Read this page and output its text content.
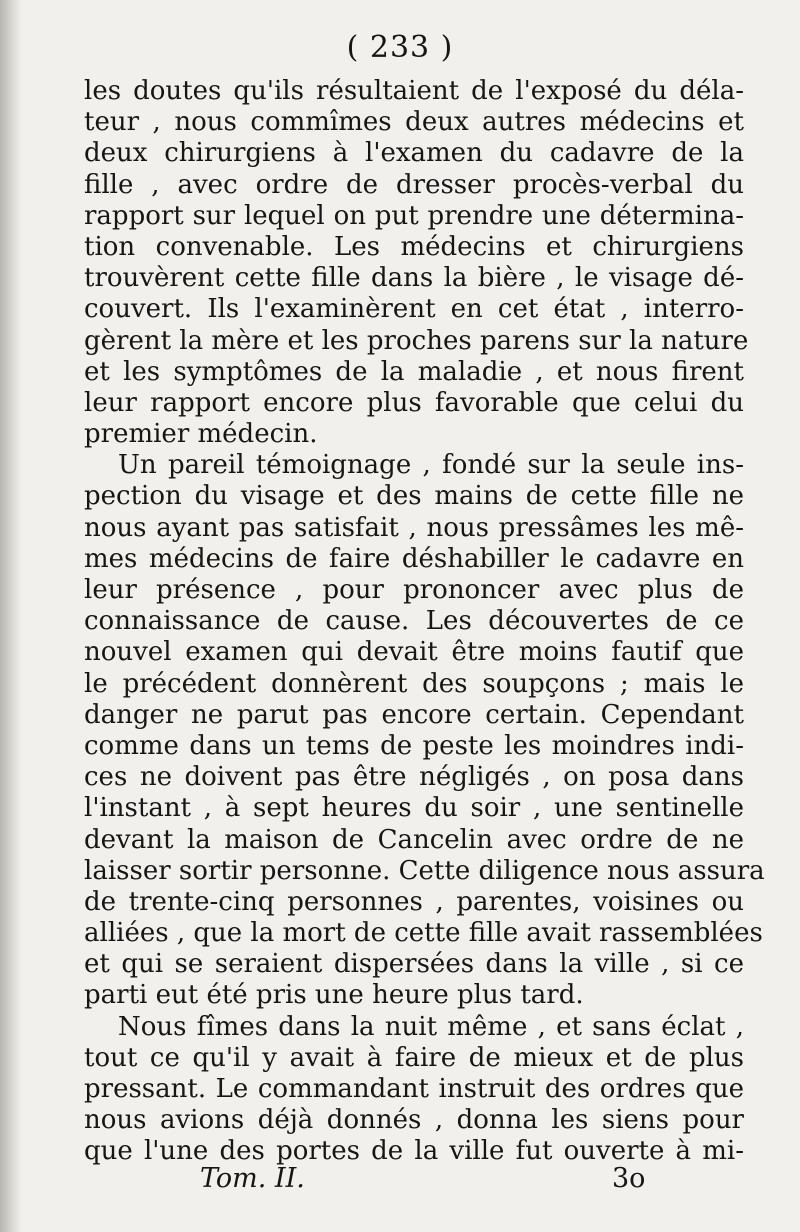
( 233 )
les doutes qu'ils résultaient de l'exposé du déla-
teur , nous commîmes deux autres médecins et
deux chirurgiens à l'examen du cadavre de la
fille , avec ordre de dresser procès-verbal du
rapport sur lequel on put prendre une détermina-
tion convenable. Les médecins et chirurgiens
trouvèrent cette fille dans la bière , le visage dé-
couvert. Ils l'examinèrent en cet état , interro-
gèrent la mère et les proches parens sur la nature
et les symptômes de la maladie , et nous firent
leur rapport encore plus favorable que celui du
premier médecin.
Un pareil témoignage , fondé sur la seule ins-
pection du visage et des mains de cette fille ne
nous ayant pas satisfait , nous pressâmes les mê-
mes médecins de faire déshabiller le cadavre en
leur présence , pour prononcer avec plus de
connaissance de cause. Les découvertes de ce
nouvel examen qui devait être moins fautif que
le précédent donnèrent des soupçons ; mais le
danger ne parut pas encore certain. Cependant
comme dans un tems de peste les moindres indi-
ces ne doivent pas être négligés , on posa dans
l'instant , à sept heures du soir , une sentinelle
devant la maison de Cancelin avec ordre de ne
laisser sortir personne. Cette diligence nous assura
de trente-cinq personnes , parentes, voisines ou
alliées , que la mort de cette fille avait rassemblées
et qui se seraient dispersées dans la ville , si ce
parti eut été pris une heure plus tard.
Nous fîmes dans la nuit même , et sans éclat ,
tout ce qu'il y avait à faire de mieux et de plus
pressant. Le commandant instruit des ordres que
nous avions déjà donnés , donna les siens pour
que l'une des portes de la ville fut ouverte à mi-
Tom. II.	3o
